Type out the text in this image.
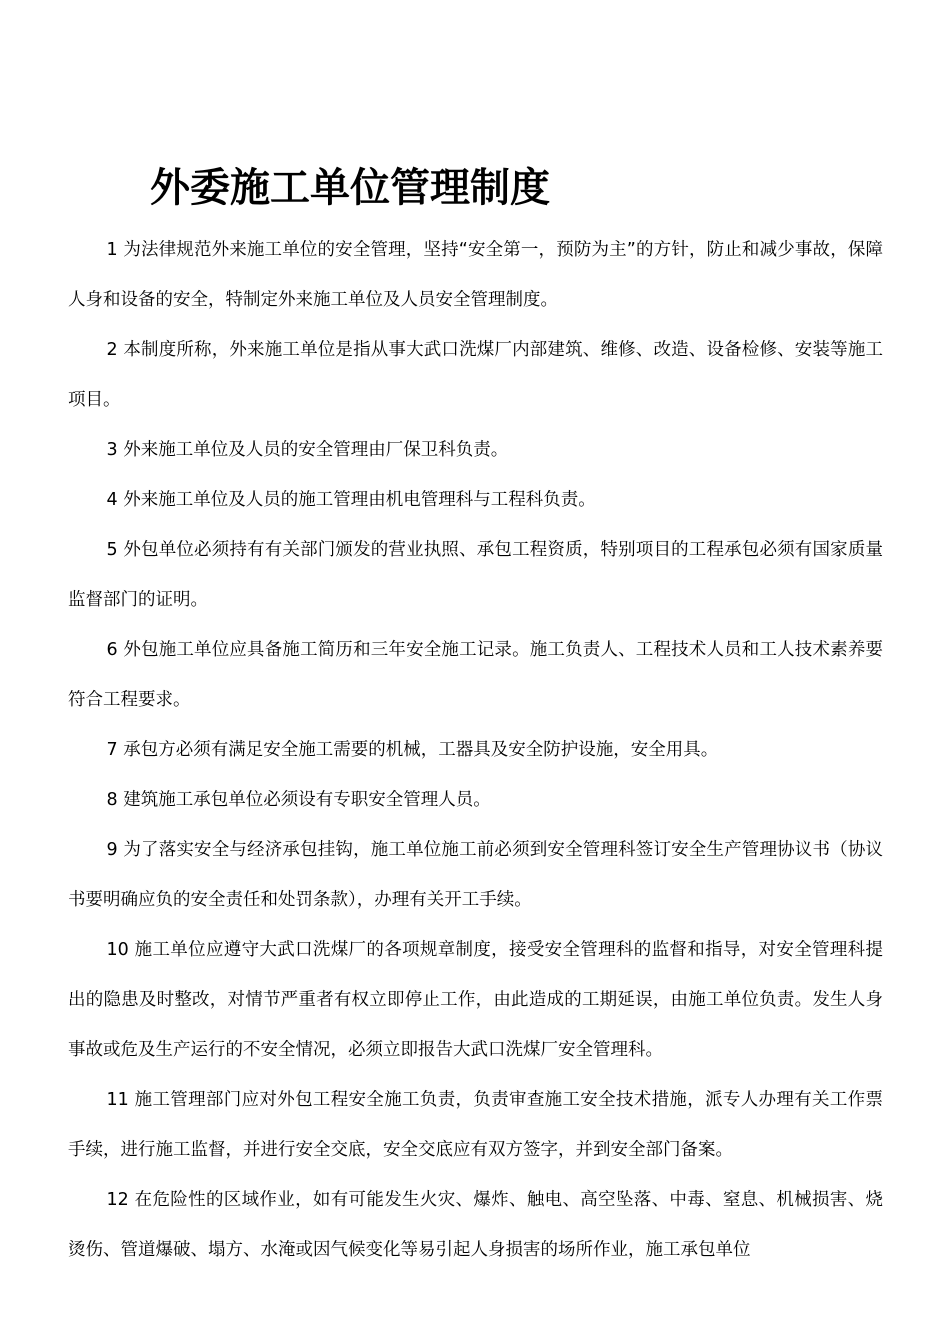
外委施工单位管理制度

1 为法律规范外来施工单位的安全管理，坚持“安全第一，预防为主”的方针，防止和减少事故，保障人身和设备的安全，特制定外来施工单位及人员安全管理制度。

2 本制度所称，外来施工单位是指从事大武口洗煤厂内部建筑、维修、改造、设备检修、安装等施工项目。

3 外来施工单位及人员的安全管理由厂保卫科负责。

4 外来施工单位及人员的施工管理由机电管理科与工程科负责。

5 外包单位必须持有有关部门颁发的营业执照、承包工程资质，特别项目的工程承包必须有国家质量监督部门的证明。

6 外包施工单位应具备施工简历和三年安全施工记录。施工负责人、工程技术人员和工人技术素养要符合工程要求。

7 承包方必须有满足安全施工需要的机械，工器具及安全防护设施，安全用具。

8 建筑施工承包单位必须设有专职安全管理人员。

9 为了落实安全与经济承包挂钩，施工单位施工前必须到安全管理科签订安全生产管理协议书（协议书要明确应负的安全责任和处罚条款），办理有关开工手续。

10 施工单位应遵守大武口洗煤厂的各项规章制度，接受安全管理科的监督和指导，对安全管理科提出的隐患及时整改，对情节严重者有权立即停止工作，由此造成的工期延误，由施工单位负责。发生人身事故或危及生产运行的不安全情况，必须立即报告大武口洗煤厂安全管理科。

11 施工管理部门应对外包工程安全施工负责，负责审查施工安全技术措施，派专人办理有关工作票手续，进行施工监督，并进行安全交底，安全交底应有双方签字，并到安全部门备案。

12 在危险性的区域作业，如有可能发生火灾、爆炸、触电、高空坠落、中毒、窒息、机械损害、烧烫伤、管道爆破、塌方、水淹或因气候变化等易引起人身损害的场所作业，施工承包单位
